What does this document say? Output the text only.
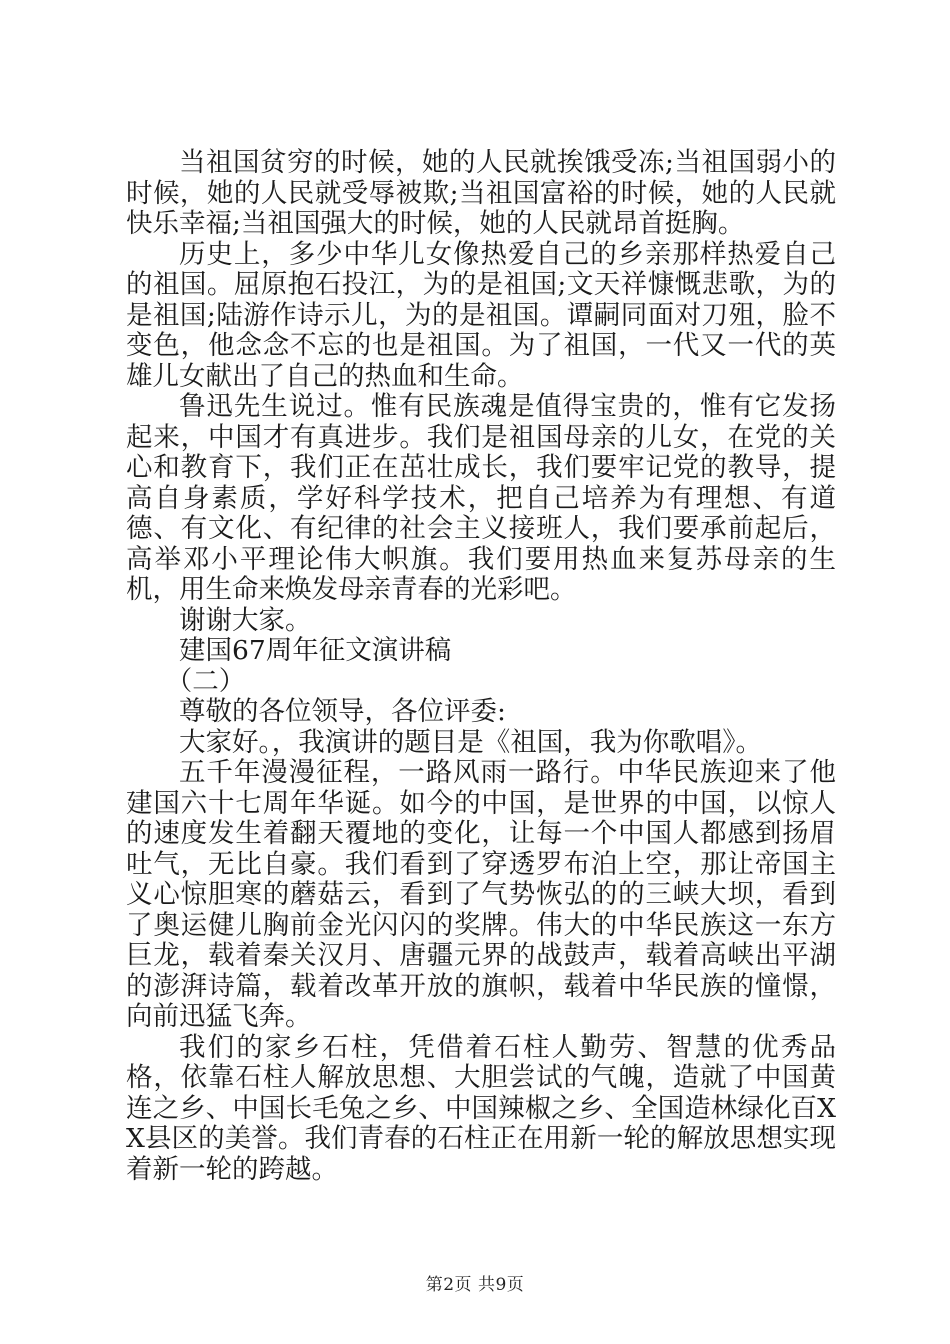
当祖国贫穷的时候，她的人民就挨饿受冻;当祖国弱小的时候，她的人民就受辱被欺;当祖国富裕的时候，她的人民就快乐幸福;当祖国强大的时候，她的人民就昂首挺胸。

历史上，多少中华儿女像热爱自己的乡亲那样热爱自己的祖国。屈原抱石投江，为的是祖国;文天祥慷慨悲歌，为的是祖国;陆游作诗示儿，为的是祖国。谭嗣同面对刀殂，脸不变色，他念念不忘的也是祖国。为了祖国，一代又一代的英雄儿女献出了自己的热血和生命。

鲁迅先生说过。惟有民族魂是值得宝贵的，惟有它发扬起来，中国才有真进步。我们是祖国母亲的儿女，在党的关心和教育下，我们正在茁壮成长，我们要牢记党的教导，提高自身素质，学好科学技术，把自己培养为有理想、有道德、有文化、有纪律的社会主义接班人，我们要承前起后，高举邓小平理论伟大帜旗。我们要用热血来复苏母亲的生机，用生命来焕发母亲青春的光彩吧。

谢谢大家。

建国67周年征文演讲稿

（二）

尊敬的各位领导，各位评委:

大家好。，我演讲的题目是《祖国，我为你歌唱》。

五千年漫漫征程，一路风雨一路行。中华民族迎来了他建国六十七周年华诞。如今的中国，是世界的中国，以惊人的速度发生着翻天覆地的变化，让每一个中国人都感到扬眉吐气，无比自豪。我们看到了穿透罗布泊上空，那让帝国主义心惊胆寒的蘑菇云，看到了气势恢弘的的三峡大坝，看到了奥运健儿胸前金光闪闪的奖牌。伟大的中华民族这一东方巨龙，载着秦关汉月、唐疆元界的战鼓声，载着高峡出平湖的澎湃诗篇，载着改革开放的旗帜，载着中华民族的憧憬，向前迅猛飞奔。

我们的家乡石柱，凭借着石柱人勤劳、智慧的优秀品格，依靠石柱人解放思想、大胆尝试的气魄，造就了中国黄连之乡、中国长毛兔之乡、中国辣椒之乡、全国造林绿化百XX县区的美誉。我们青春的石柱正在用新一轮的解放思想实现着新一轮的跨越。

第2页 共9页
